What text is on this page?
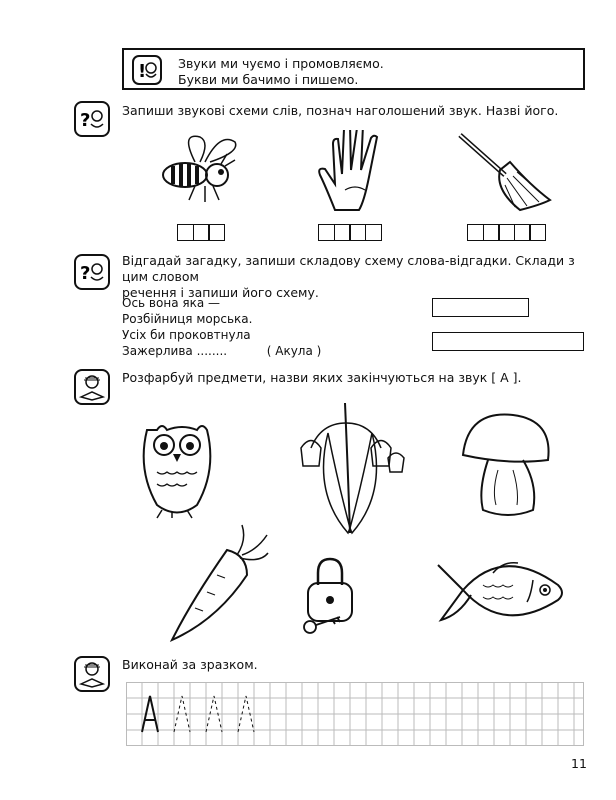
!	Звуки ми чуємо і промовляємо.
Букви ми бачимо і пишемо.
?	Запиши звукові схеми слів, познач наголошений звук. Назві його.
?
Відгадай загадку, запиши складову схему слова-відгадки. Склади з цим словом
речення і запиши його схему.
Ось вона яка —
Розбійниця морська.
Усіх би проковтнула
Зажерлива ........	( Акула )
Розфарбуй предмети, назви яких закінчуються на звук [ А ].
Виконай за зразком.
11
